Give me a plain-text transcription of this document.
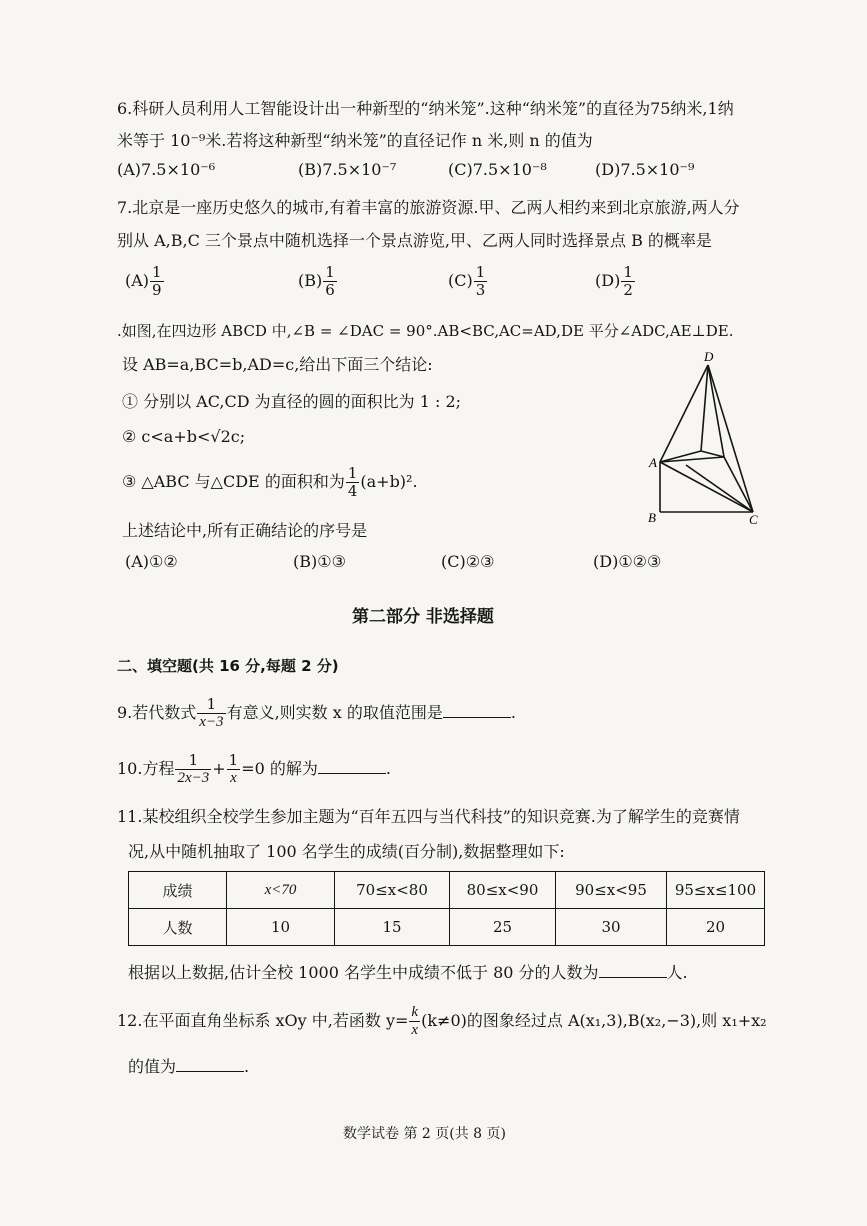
6.科研人员利用人工智能设计出一种新型的“纳米笼”.这种“纳米笼”的直径为75纳米,1纳
米等于 10⁻⁹米.若将这种新型“纳米笼”的直径记作 n 米,则 n 的值为
(A)7.5×10⁻⁶	(B)7.5×10⁻⁷	(C)7.5×10⁻⁸	(D)7.5×10⁻⁹
7.北京是一座历史悠久的城市,有着丰富的旅游资源.甲、乙两人相约来到北京旅游,两人分
别从 A,B,C 三个景点中随机选择一个景点游览,甲、乙两人同时选择景点 B 的概率是
$(A) \frac{1}{9}$	$(B) \frac{1}{6}$	$(C) \frac{1}{3}$	$(D) \frac{1}{2}$
.如图,在四边形 ABCD 中,∠B = ∠DAC = 90°.AB<BC,AC=AD,DE 平分∠ADC,AE⊥DE.
设 AB=a,BC=b,AD=c,给出下面三个结论:
① 分别以 AC,CD 为直径的圆的面积比为 1 : 2;
② c<a+b<√2c;
③ △ABC 与△CDE 的面积和为 $\frac{1}{4} (a+b)^2$.
上述结论中,所有正确结论的序号是
(A)①②	(B)①③	(C)②③	(D)①②③
D
A
B	C
第二部分 非选择题
二、填空题(共 16 分,每题 2 分)
9.若代数式 $\frac{1}{x-3}$ 有意义,则实数 x 的取值范围是	.
10.方程 $\frac{1}{2x-3} + \frac{1}{x} =0$ 的解为	.
11.某校组织全校学生参加主题为“百年五四与当代科技”的知识竞赛.为了解学生的竞赛情
况,从中随机抽取了 100 名学生的成绩(百分制),数据整理如下:
成绩	x<70	70≤x<80	80≤x<90	90≤x<95	95≤x≤100
人数	10	15	25	30	20
根据以上数据,估计全校 1000 名学生中成绩不低于 80 分的人数为	人.
12.在平面直角坐标系 xOy 中,若函数 $y= \frac{k}{x} (k\ne 0)$的图象经过点 A(x₁,3),B(x₂,−3),则 x₁+x₂
的值为	.
数学试卷 第 2 页(共 8 页)
